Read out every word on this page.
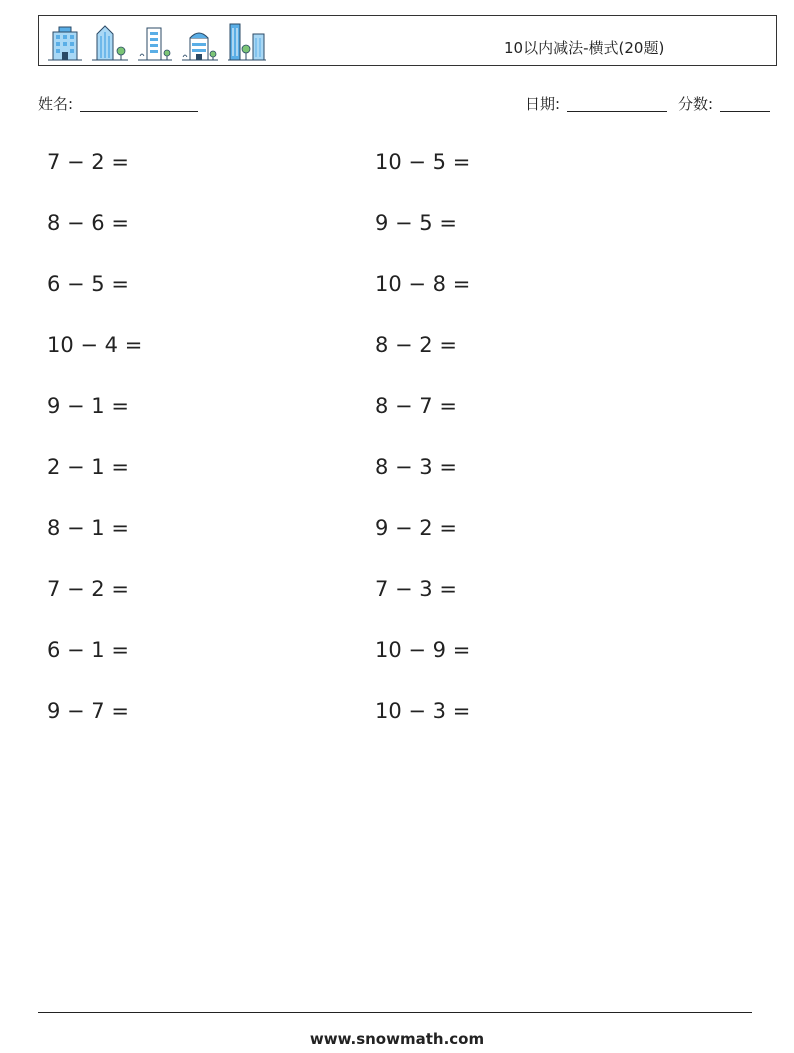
10以内减法-横式(20题)
姓名:	日期:	分数:
7 − 2 =
8 − 6 =
6 − 5 =
10 − 4 =
9 − 1 =
2 − 1 =
8 − 1 =
7 − 2 =
6 − 1 =
9 − 7 =
10 − 5 =
9 − 5 =
10 − 8 =
8 − 2 =
8 − 7 =
8 − 3 =
9 − 2 =
7 − 3 =
10 − 9 =
10 − 3 =
www.snowmath.com
